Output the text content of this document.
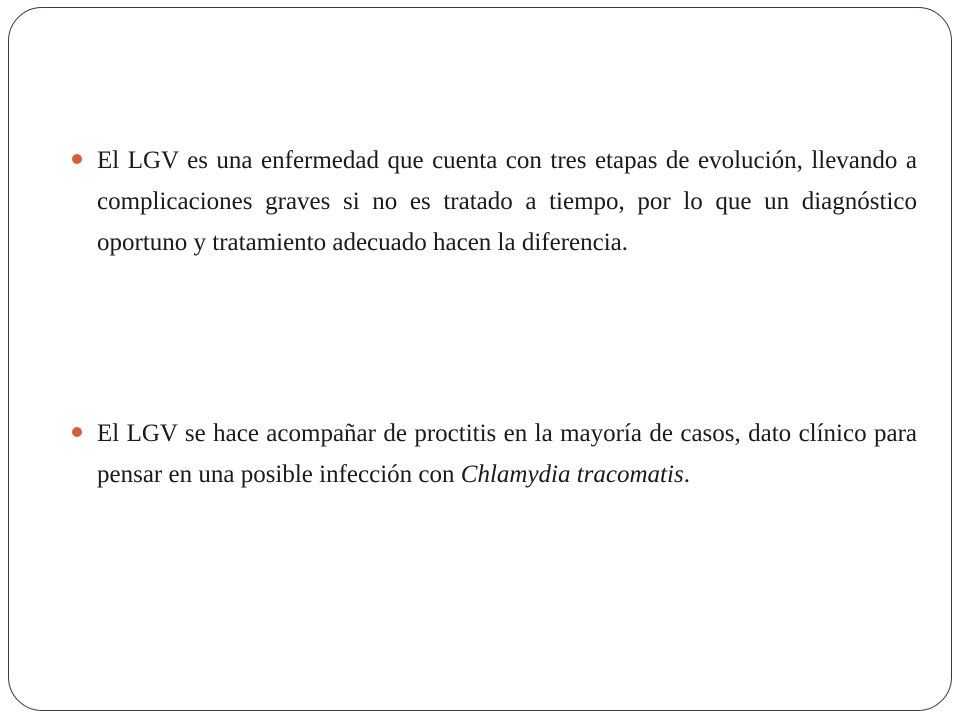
El LGV es una enfermedad que cuenta con tres etapas de evolución, llevando a complicaciones graves si no es tratado a tiempo, por lo que un diagnóstico oportuno y tratamiento adecuado hacen la diferencia.

El LGV se hace acompañar de proctitis en la mayoría de casos, dato clínico para pensar en una posible infección con Chlamydia tracomatis.
